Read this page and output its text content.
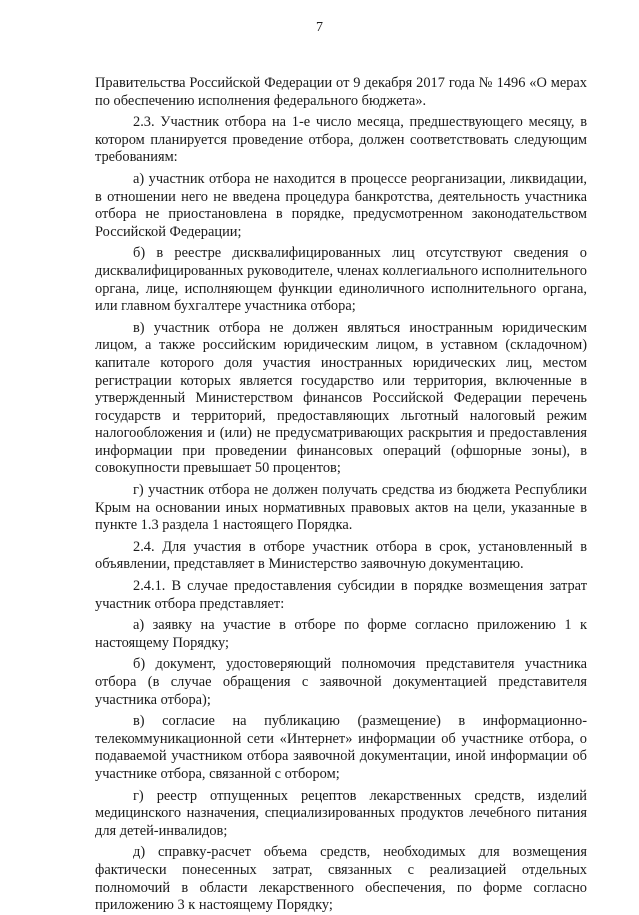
7

Правительства Российской Федерации от 9 декабря 2017 года № 1496 «О мерах по обеспечению исполнения федерального бюджета».

2.3. Участник отбора на 1-е число месяца, предшествующего месяцу, в котором планируется проведение отбора, должен соответствовать следующим требованиям:

а) участник отбора не находится в процессе реорганизации, ликвидации, в отношении него не введена процедура банкротства, деятельность участника отбора не приостановлена в порядке, предусмотренном законодательством Российской Федерации;

б) в реестре дисквалифицированных лиц отсутствуют сведения о дисквалифицированных руководителе, членах коллегиального исполнительного органа, лице, исполняющем функции единоличного исполнительного органа, или главном бухгалтере участника отбора;

в) участник отбора не должен являться иностранным юридическим лицом, а также российским юридическим лицом, в уставном (складочном) капитале которого доля участия иностранных юридических лиц, местом регистрации которых является государство или территория, включенные в утвержденный Министерством финансов Российской Федерации перечень государств и территорий, предоставляющих льготный налоговый режим налогообложения и (или) не предусматривающих раскрытия и предоставления информации при проведении финансовых операций (офшорные зоны), в совокупности превышает 50 процентов;

г) участник отбора не должен получать средства из бюджета Республики Крым на основании иных нормативных правовых актов на цели, указанные в пункте 1.3 раздела 1 настоящего Порядка.

2.4. Для участия в отборе участник отбора в срок, установленный в объявлении, представляет в Министерство заявочную документацию.

2.4.1. В случае предоставления субсидии в порядке возмещения затрат участник отбора представляет:

а) заявку на участие в отборе по форме согласно приложению 1 к настоящему Порядку;

б) документ, удостоверяющий полномочия представителя участника отбора (в случае обращения с заявочной документацией представителя участника отбора);

в) согласие на публикацию (размещение) в информационно-телекоммуникационной сети «Интернет» информации об участнике отбора, о подаваемой участником отбора заявочной документации, иной информации об участнике отбора, связанной с отбором;

г) реестр отпущенных рецептов лекарственных средств, изделий медицинского назначения, специализированных продуктов лечебного питания для детей-инвалидов;

д) справку-расчет объема средств, необходимых для возмещения фактически понесенных затрат, связанных с реализацией отдельных полномочий в области лекарственного обеспечения, по форме согласно приложению 3 к настоящему Порядку;
